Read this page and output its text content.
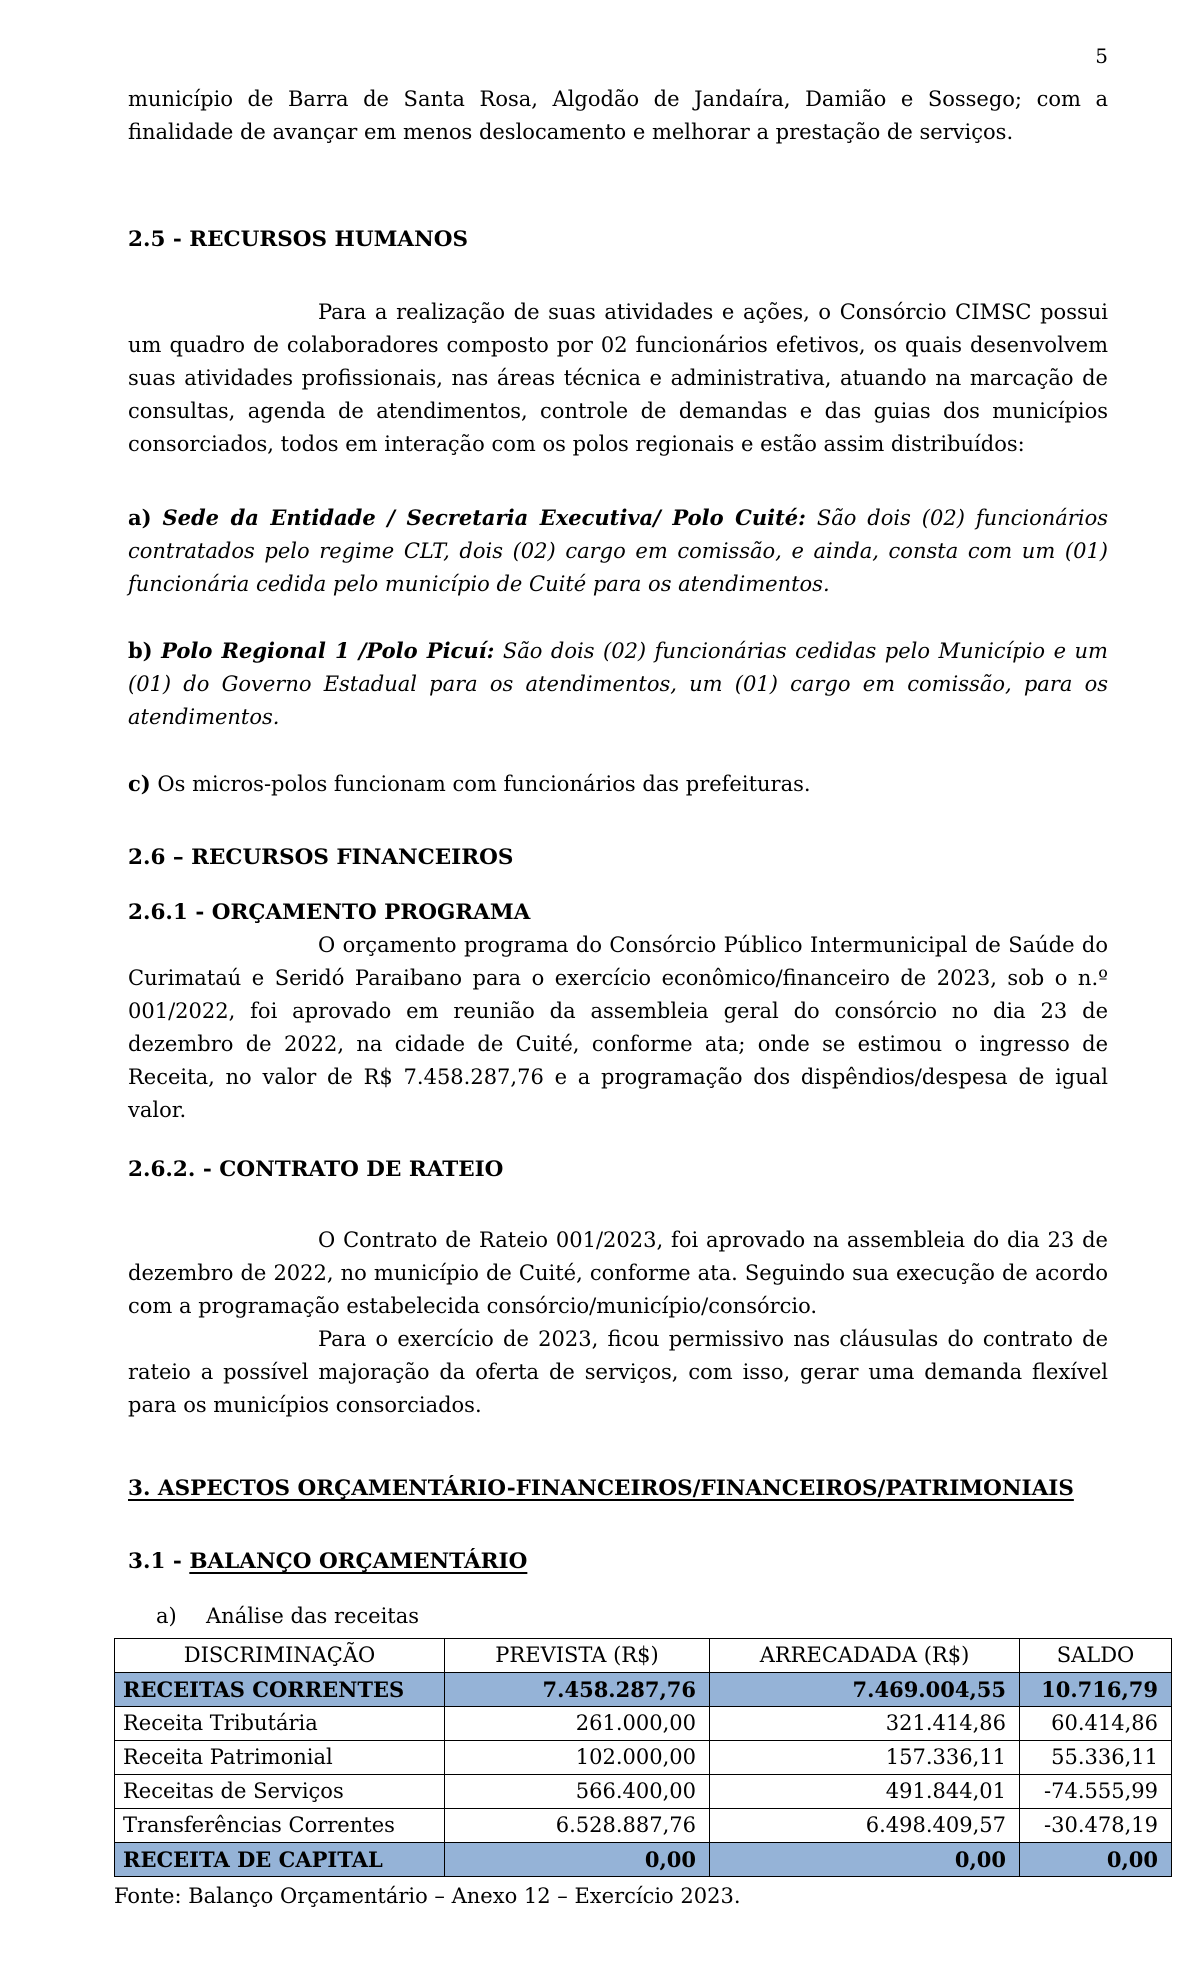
5

município de Barra de Santa Rosa, Algodão de Jandaíra, Damião e Sossego; com a finalidade de avançar em menos deslocamento e melhorar a prestação de serviços.

2.5 - RECURSOS HUMANOS

Para a realização de suas atividades e ações, o Consórcio CIMSC possui um quadro de colaboradores composto por 02 funcionários efetivos, os quais desenvolvem suas atividades profissionais, nas áreas técnica e administrativa, atuando na marcação de consultas, agenda de atendimentos, controle de demandas e das guias dos municípios consorciados, todos em interação com os polos regionais e estão assim distribuídos:

a) Sede da Entidade / Secretaria Executiva/ Polo Cuité: São dois (02) funcionários contratados pelo regime CLT, dois (02) cargo em comissão, e ainda, consta com um (01) funcionária cedida pelo município de Cuité para os atendimentos.

b) Polo Regional 1 /Polo Picuí: São dois (02) funcionárias cedidas pelo Município e um (01) do Governo Estadual para os atendimentos, um (01) cargo em comissão, para os atendimentos.

c) Os micros-polos funcionam com funcionários das prefeituras.

2.6 – RECURSOS FINANCEIROS

2.6.1 - ORÇAMENTO PROGRAMA

O orçamento programa do Consórcio Público Intermunicipal de Saúde do Curimataú e Seridó Paraibano para o exercício econômico/financeiro de 2023, sob o n.º 001/2022, foi aprovado em reunião da assembleia geral do consórcio no dia 23 de dezembro de 2022, na cidade de Cuité, conforme ata; onde se estimou o ingresso de Receita, no valor de R$ 7.458.287,76 e a programação dos dispêndios/despesa de igual valor.

2.6.2. - CONTRATO DE RATEIO

O Contrato de Rateio 001/2023, foi aprovado na assembleia do dia 23 de dezembro de 2022, no município de Cuité, conforme ata. Seguindo sua execução de acordo com a programação estabelecida consórcio/município/consórcio.

Para o exercício de 2023, ficou permissivo nas cláusulas do contrato de rateio a possível majoração da oferta de serviços, com isso, gerar uma demanda flexível para os municípios consorciados.

3. ASPECTOS ORÇAMENTÁRIO-FINANCEIROS/FINANCEIROS/PATRIMONIAIS

3.1 - BALANÇO ORÇAMENTÁRIO

a) Análise das receitas

DISCRIMINAÇÃO	PREVISTA (R$)	ARRECADADA (R$)	SALDO
RECEITAS CORRENTES	7.458.287,76	7.469.004,55	10.716,79
Receita Tributária	261.000,00	321.414,86	60.414,86
Receita Patrimonial	102.000,00	157.336,11	55.336,11
Receitas de Serviços	566.400,00	491.844,01	-74.555,99
Transferências Correntes	6.528.887,76	6.498.409,57	-30.478,19
RECEITA DE CAPITAL	0,00	0,00	0,00

Fonte: Balanço Orçamentário – Anexo 12 – Exercício 2023.
